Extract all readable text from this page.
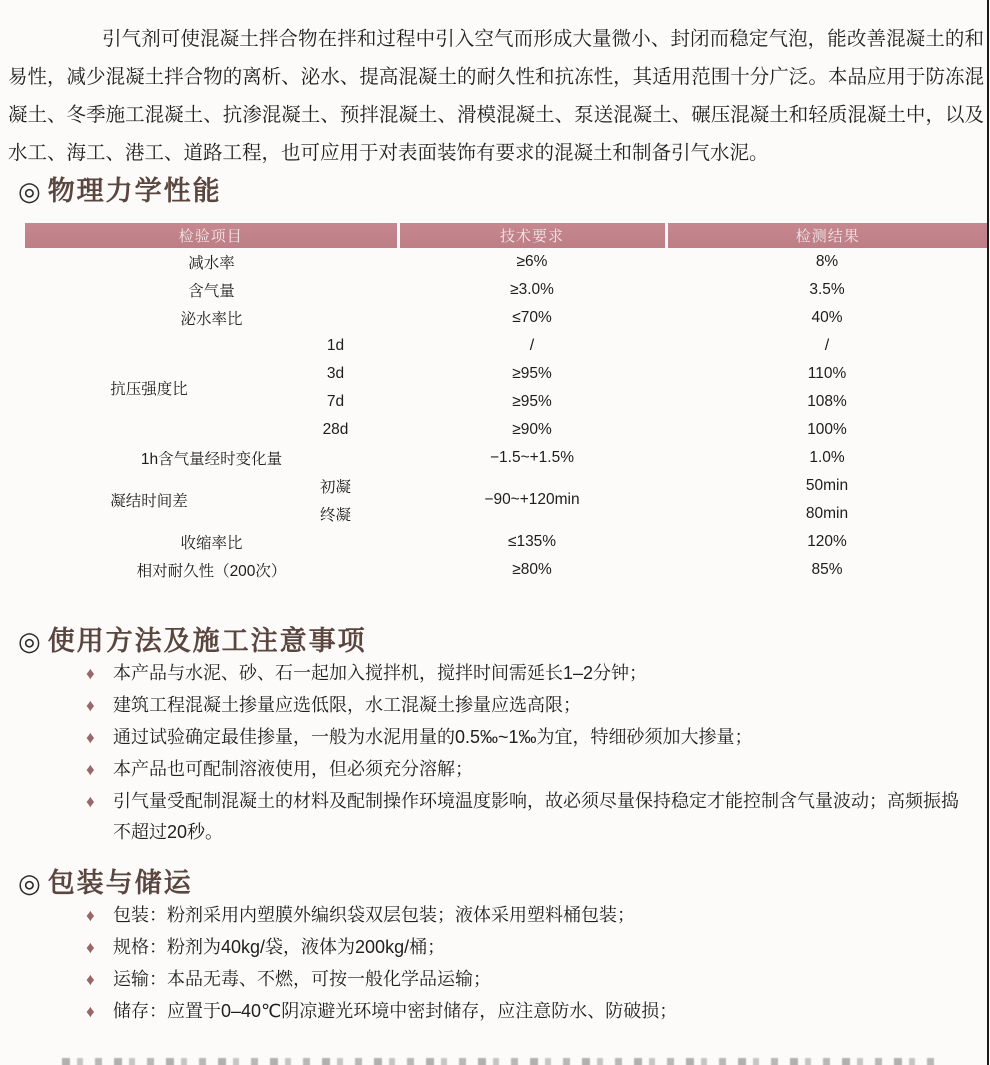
引气剂可使混凝土拌合物在拌和过程中引入空气而形成大量微小、封闭而稳定气泡，能改善混凝土的和易性，减少混凝土拌合物的离析、泌水、提高混凝土的耐久性和抗冻性，其适用范围十分广泛。本品应用于防冻混凝土、冬季施工混凝土、抗渗混凝土、预拌混凝土、滑模混凝土、泵送混凝土、碾压混凝土和轻质混凝土中，以及水工、海工、港工、道路工程，也可应用于对表面装饰有要求的混凝土和制备引气水泥。

◎ 物理力学性能
检验项目		技术要求	检测结果
减水率		≥6%	8%
含气量		≥3.0%	3.5%
泌水率比		≤70%	40%
抗压强度比	1d	/	/
	3d	≥95%	110%
	7d	≥95%	108%
	28d	≥90%	100%
1h含气量经时变化量		−1.5~+1.5%	1.0%
凝结时间差	初凝	−90~+120min	50min
	终凝		80min
收缩率比		≤135%	120%
相对耐久性（200次）		≥80%	85%
◎ 使用方法及施工注意事项
♦ 本产品与水泥、砂、石一起加入搅拌机，搅拌时间需延长1–2分钟；
♦ 建筑工程混凝土掺量应选低限，水工混凝土掺量应选高限；
♦ 通过试验确定最佳掺量，一般为水泥用量的0.5‰~1‰为宜，特细砂须加大掺量；
♦ 本产品也可配制溶液使用，但必须充分溶解；
♦ 引气量受配制混凝土的材料及配制操作环境温度影响，故必须尽量保持稳定才能控制含气量波动；高频振捣不超过20秒。
◎ 包装与储运
♦ 包装：粉剂采用内塑膜外编织袋双层包装；液体采用塑料桶包装；
♦ 规格：粉剂为40kg/袋，液体为200kg/桶；
♦ 运输：本品无毒、不燃，可按一般化学品运输；
♦ 储存：应置于0–40℃阴凉避光环境中密封储存，应注意防水、防破损；
